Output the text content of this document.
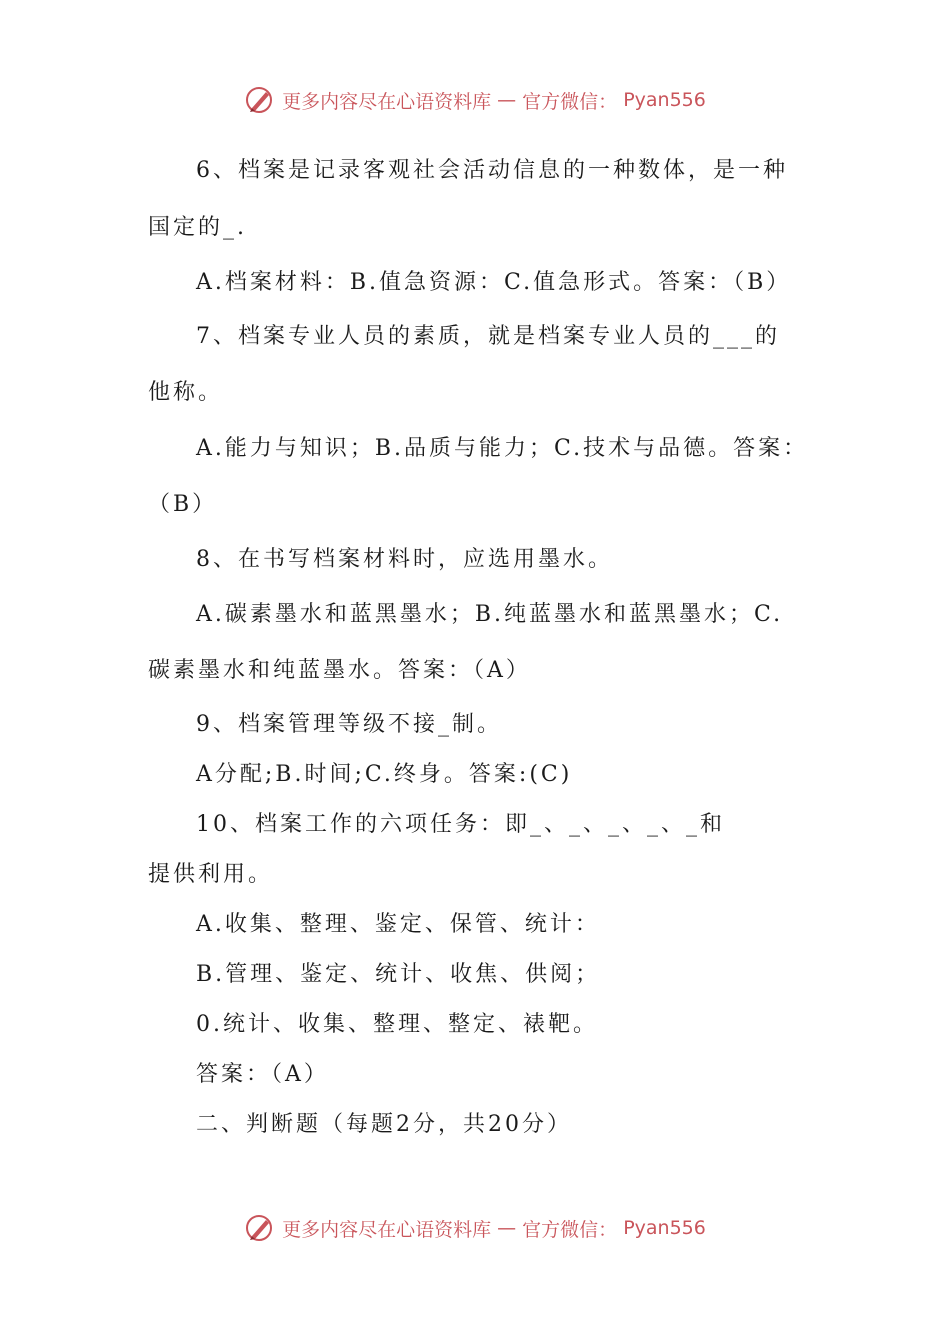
更多内容尽在心语资料库 — 官方微信： Pyan556
6、档案是记录客观社会活动信息的一种数体，是一种
国定的_.
A.档案材料：B.值急资源：C.值急形式。答案：（B）
7、档案专业人员的素质，就是档案专业人员的___的
他称。
A.能力与知识；B.品质与能力；C.技术与品德。答案：
（B）
8、在书写档案材料时，应选用墨水。
A.碳素墨水和蓝黑墨水；B.纯蓝墨水和蓝黑墨水；C.
碳素墨水和纯蓝墨水。答案：（A）
9、档案管理等级不接_制。
A分配;B.时间;C.终身。答案:(C)
10、档案工作的六项任务：即_、_、_、_、_和
提供利用。
A.收集、整理、鉴定、保管、统计：
B.管理、鉴定、统计、收焦、供阅；
0.统计、收集、整理、整定、裱靶。
答案：（A）
二、判断题（每题2分，共20分）
更多内容尽在心语资料库 — 官方微信： Pyan556
